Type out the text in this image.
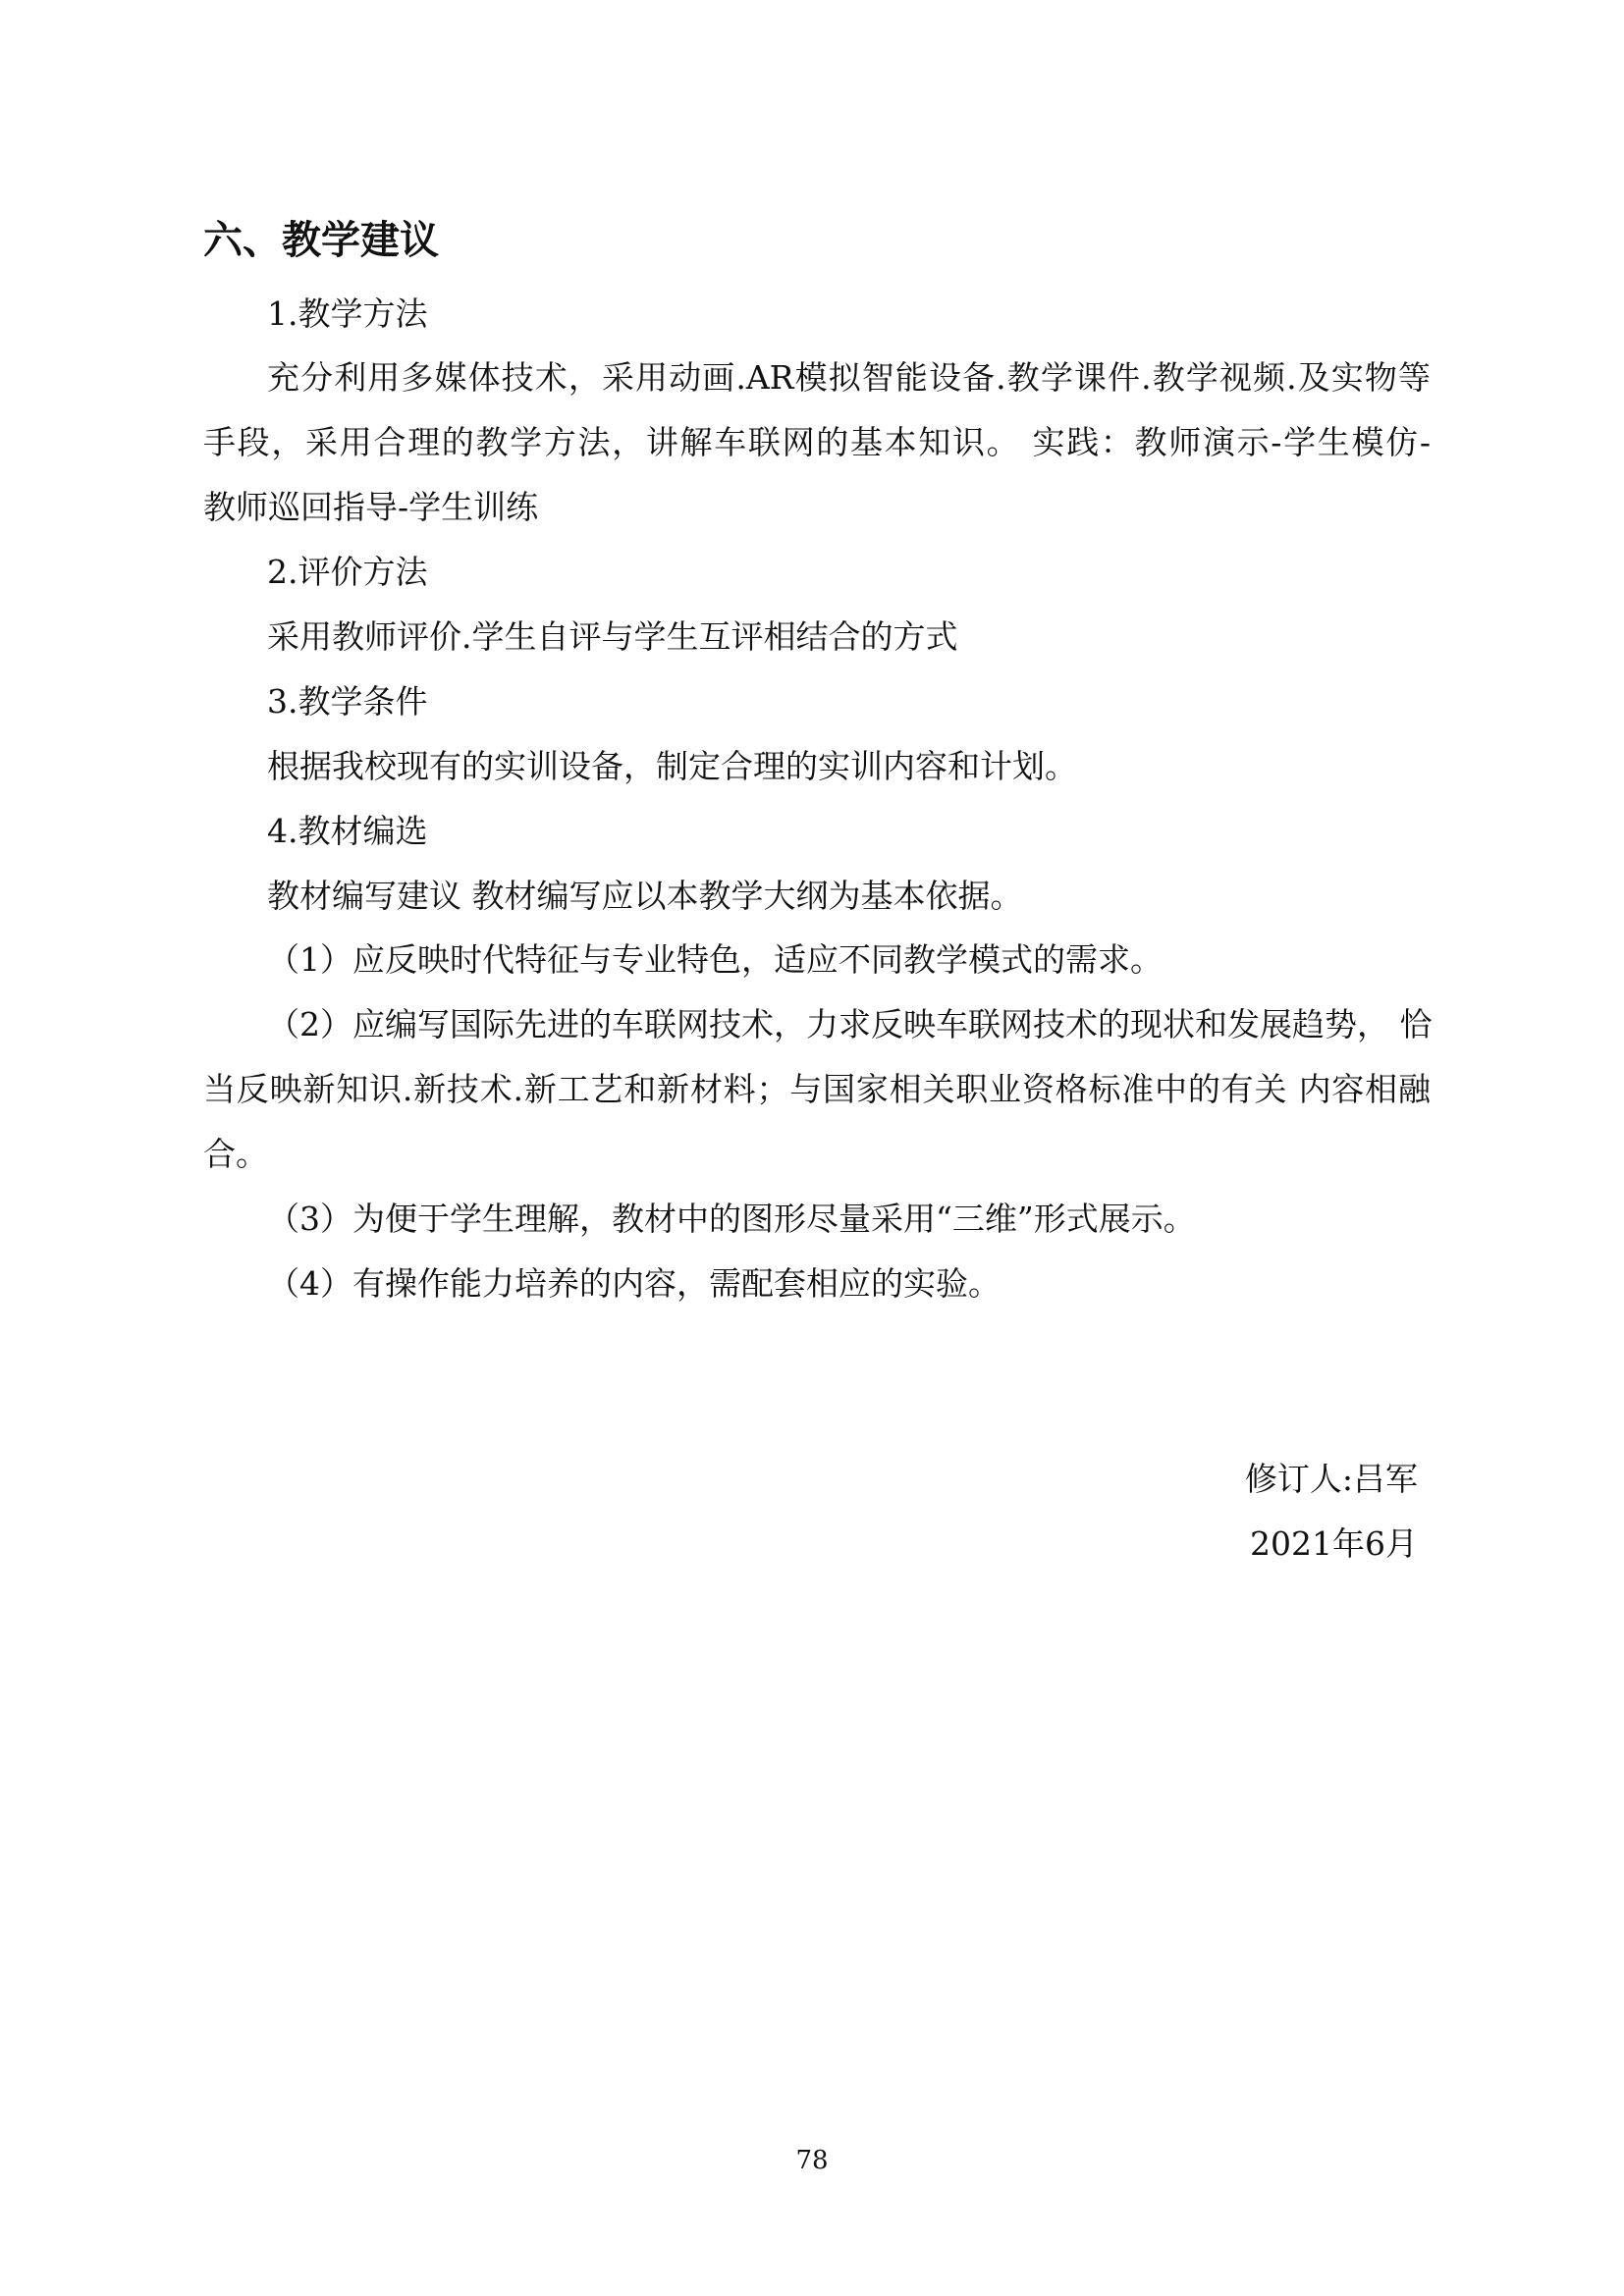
六、教学建议
1.教学方法
充分利用多媒体技术，采用动画.AR模拟智能设备.教学课件.教学视频.及实物等
手段，采用合理的教学方法，讲解车联网的基本知识。 实践：教师演示-学生模仿-
教师巡回指导-学生训练
2.评价方法
采用教师评价.学生自评与学生互评相结合的方式
3.教学条件
根据我校现有的实训设备，制定合理的实训内容和计划。
4.教材编选
教材编写建议 教材编写应以本教学大纲为基本依据。
（1）应反映时代特征与专业特色，适应不同教学模式的需求。
（2）应编写国际先进的车联网技术，力求反映车联网技术的现状和发展趋势， 恰
当反映新知识.新技术.新工艺和新材料；与国家相关职业资格标准中的有关 内容相融
合。
（3）为便于学生理解，教材中的图形尽量采用“三维”形式展示。
（4）有操作能力培养的内容，需配套相应的实验。
修订人:吕军
2021年6月
78
